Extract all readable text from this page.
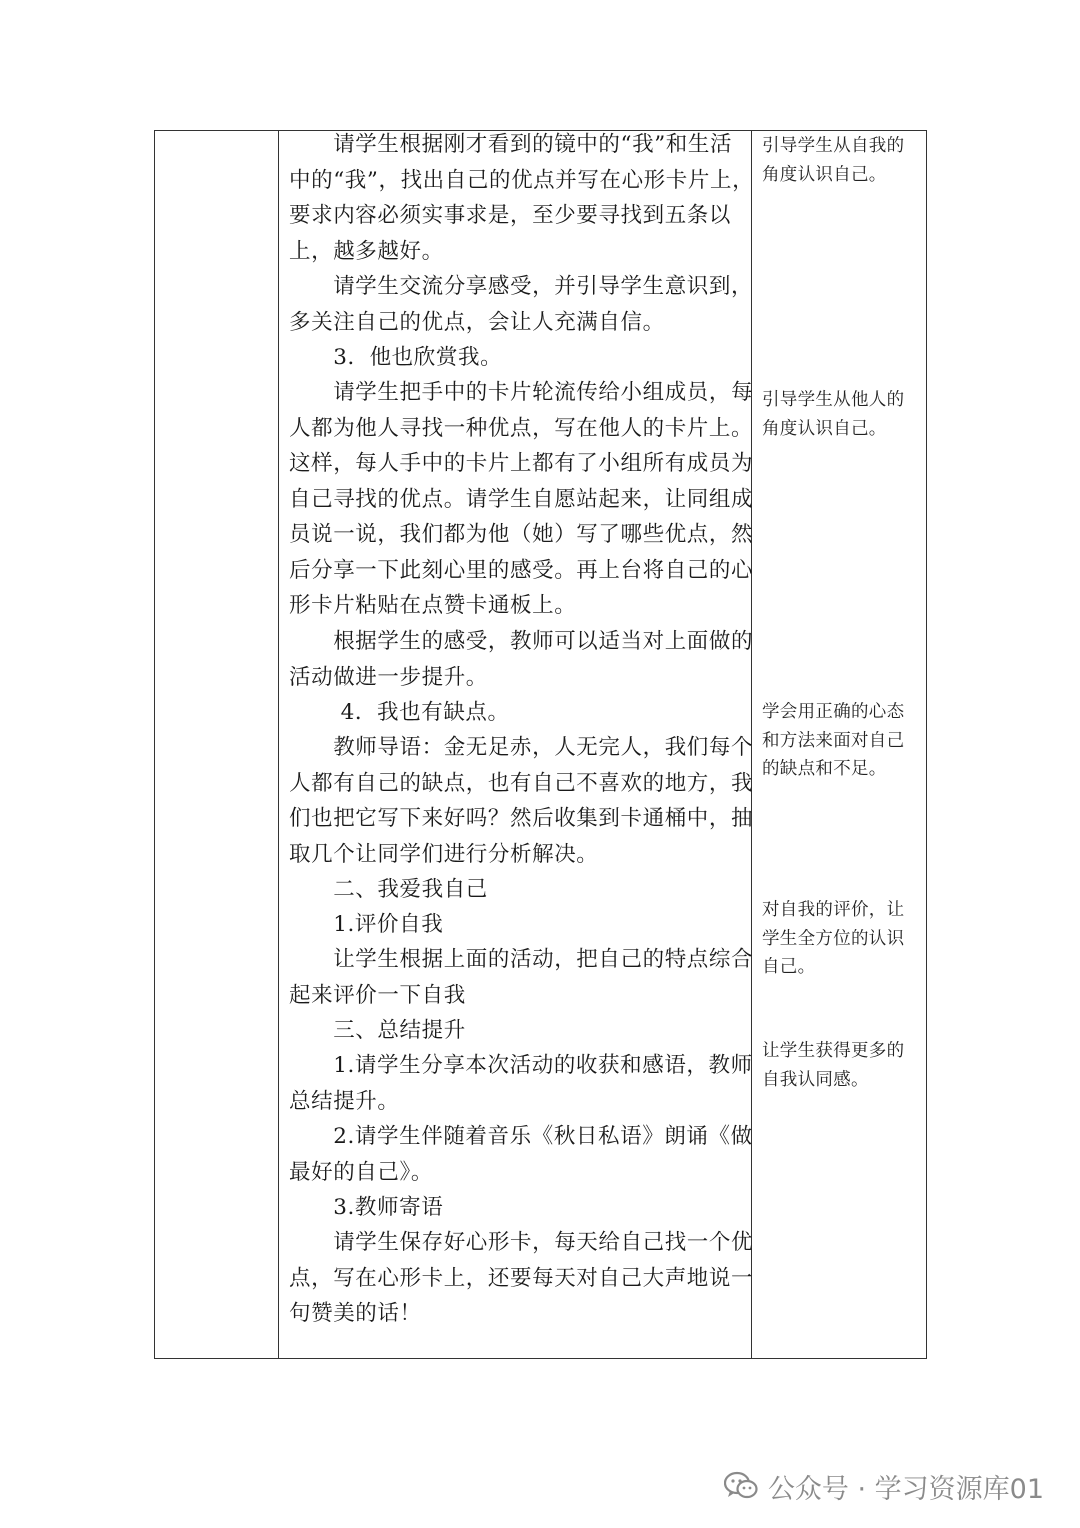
　　请学生根据刚才看到的镜中的“我”和生活
中的“我”，找出自己的优点并写在心形卡片上，
要求内容必须实事求是，至少要寻找到五条以
上，越多越好。

　　请学生交流分享感受，并引导学生意识到，
多关注自己的优点，会让人充满自信。

　　3．他也欣赏我。

　　请学生把手中的卡片轮流传给小组成员，每
人都为他人寻找一种优点，写在他人的卡片上。
这样，每人手中的卡片上都有了小组所有成员为
自己寻找的优点。请学生自愿站起来，让同组成
员说一说，我们都为他（她）写了哪些优点，然
后分享一下此刻心里的感受。再上台将自己的心
形卡片粘贴在点赞卡通板上。

　　根据学生的感受，教师可以适当对上面做的
活动做进一步提升。

　　 4．我也有缺点。

　　教师导语：金无足赤，人无完人，我们每个
人都有自己的缺点，也有自己不喜欢的地方，我
们也把它写下来好吗？然后收集到卡通桶中，抽
取几个让同学们进行分析解决。

　　二、我爱我自己

　　1.评价自我

　　让学生根据上面的活动，把自己的特点综合
起来评价一下自我

　　三、总结提升

　　1.请学生分享本次活动的收获和感语，教师
总结提升。

　　2.请学生伴随着音乐《秋日私语》朗诵《做
最好的自己》。

　　3.教师寄语

　　请学生保存好心形卡，每天给自己找一个优
点，写在心形卡上，还要每天对自己大声地说一
句赞美的话！

引导学生从自我的
角度认识自己。

引导学生从他人的
角度认识自己。

学会用正确的心态
和方法来面对自己
的缺点和不足。

对自我的评价，让
学生全方位的认识
自己。

让学生获得更多的
自我认同感。

公众号 · 学习资源库01
